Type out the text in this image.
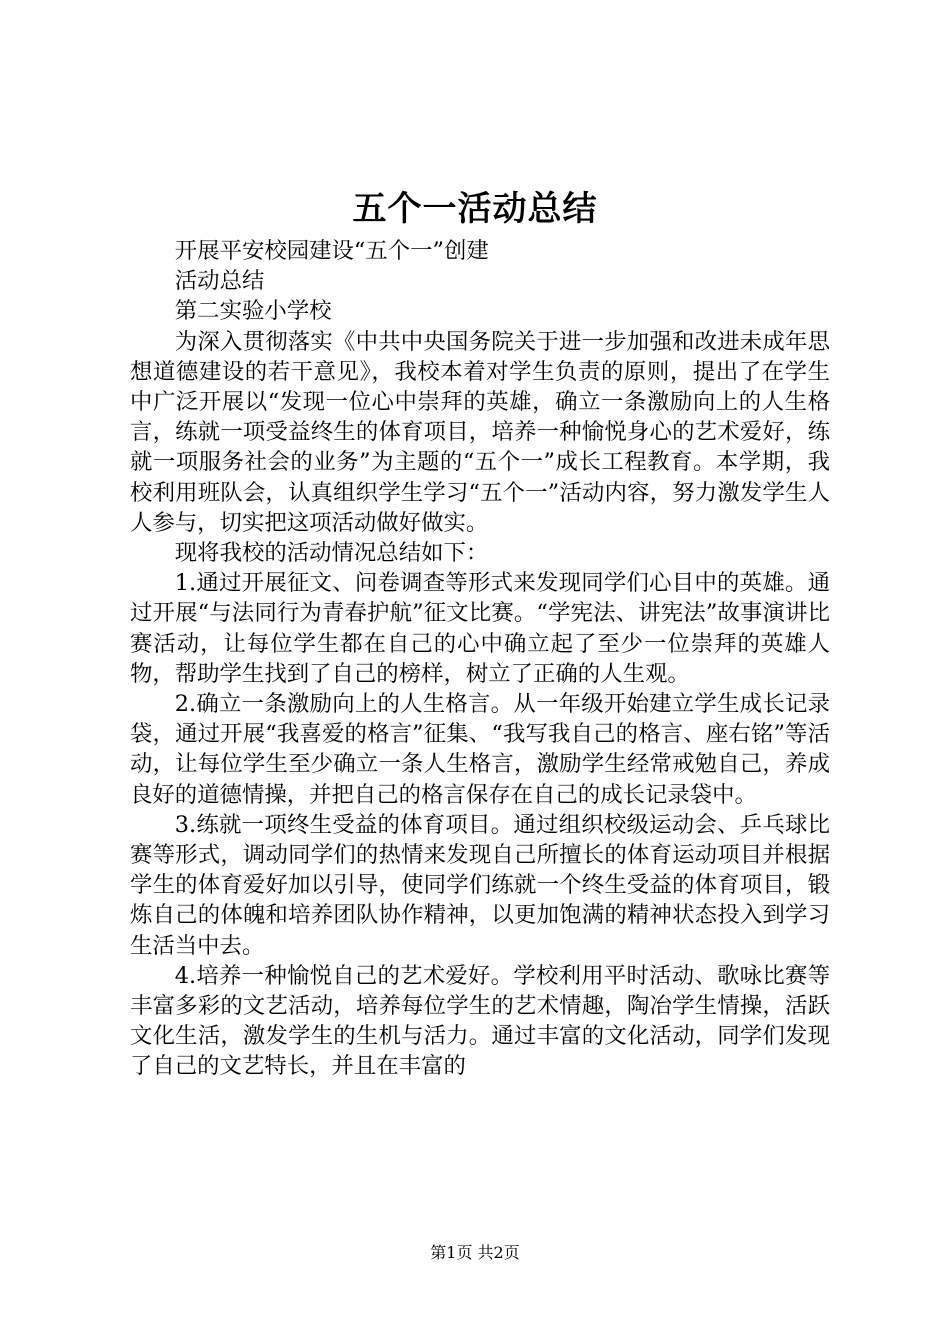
五个一活动总结

开展平安校园建设“五个一”创建

活动总结

第二实验小学校

为深入贯彻落实《中共中央国务院关于进一步加强和改进未成年思想道德建设的若干意见》，我校本着对学生负责的原则，提出了在学生中广泛开展以“发现一位心中崇拜的英雄，确立一条激励向上的人生格言，练就一项受益终生的体育项目，培养一种愉悦身心的艺术爱好，练就一项服务社会的业务”为主题的“五个一”成长工程教育。本学期，我校利用班队会，认真组织学生学习“五个一”活动内容，努力激发学生人人参与，切实把这项活动做好做实。

现将我校的活动情况总结如下：

1.通过开展征文、问卷调查等形式来发现同学们心目中的英雄。通过开展“与法同行为青春护航”征文比赛。“学宪法、讲宪法”故事演讲比赛活动，让每位学生都在自己的心中确立起了至少一位崇拜的英雄人物，帮助学生找到了自己的榜样，树立了正确的人生观。

2.确立一条激励向上的人生格言。从一年级开始建立学生成长记录袋，通过开展“我喜爱的格言”征集、“我写我自己的格言、座右铭”等活动，让每位学生至少确立一条人生格言，激励学生经常戒勉自己，养成良好的道德情操，并把自己的格言保存在自己的成长记录袋中。

3.练就一项终生受益的体育项目。通过组织校级运动会、乒乓球比赛等形式，调动同学们的热情来发现自己所擅长的体育运动项目并根据学生的体育爱好加以引导，使同学们练就一个终生受益的体育项目，锻炼自己的体魄和培养团队协作精神，以更加饱满的精神状态投入到学习生活当中去。

4.培养一种愉悦自己的艺术爱好。学校利用平时活动、歌咏比赛等丰富多彩的文艺活动，培养每位学生的艺术情趣，陶冶学生情操，活跃文化生活，激发学生的生机与活力。通过丰富的文化活动，同学们发现了自己的文艺特长，并且在丰富的

第1页 共2页
